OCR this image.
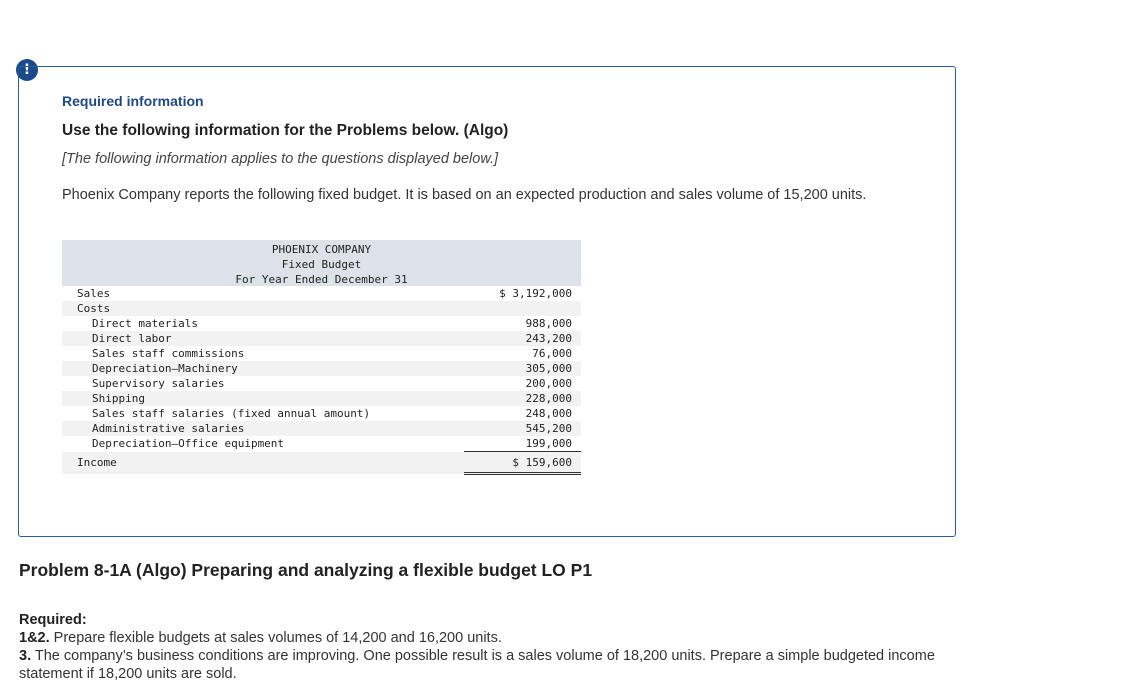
!
Required information
Use the following information for the Problems below. (Algo)
[The following information applies to the questions displayed below.]
Phoenix Company reports the following fixed budget. It is based on an expected production and sales volume of 15,200 units.
PHOENIX COMPANY
Fixed Budget
For Year Ended December 31
Sales	$ 3,192,000
Costs
Direct materials	988,000
Direct labor	243,200
Sales staff commissions	76,000
Depreciation—Machinery	305,000
Supervisory salaries	200,000
Shipping	228,000
Sales staff salaries (fixed annual amount)	248,000
Administrative salaries	545,200
Depreciation—Office equipment	199,000
Income	$ 159,600
Problem 8-1A (Algo) Preparing and analyzing a flexible budget LO P1
Required:
1&2. Prepare flexible budgets at sales volumes of 14,200 and 16,200 units.
3. The company’s business conditions are improving. One possible result is a sales volume of 18,200 units. Prepare a simple budgeted income statement if 18,200 units are sold.
